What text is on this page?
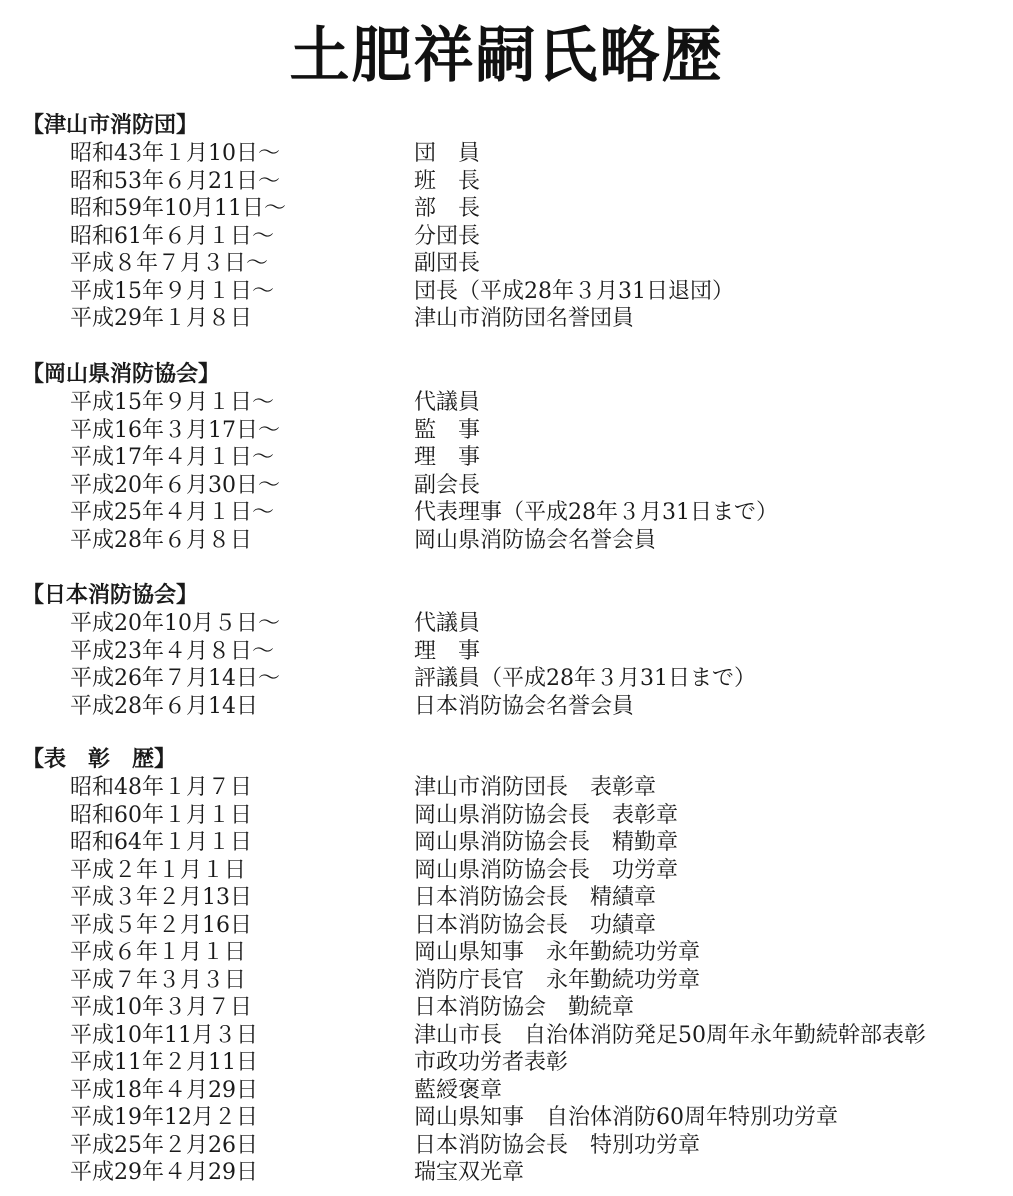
土肥祥嗣氏略歴
【津山市消防団】
昭和43年１月10日～	団　員
昭和53年６月21日～	班　長
昭和59年10月11日～	部　長
昭和61年６月１日～	分団長
平成８年７月３日～	副団長
平成15年９月１日～	団長（平成28年３月31日退団）
平成29年１月８日	津山市消防団名誉団員
【岡山県消防協会】
平成15年９月１日～	代議員
平成16年３月17日～	監　事
平成17年４月１日～	理　事
平成20年６月30日～	副会長
平成25年４月１日～	代表理事（平成28年３月31日まで）
平成28年６月８日	岡山県消防協会名誉会員
【日本消防協会】
平成20年10月５日～	代議員
平成23年４月８日～	理　事
平成26年７月14日～	評議員（平成28年３月31日まで）
平成28年６月14日	日本消防協会名誉会員
【表　彰　歴】
昭和48年１月７日	津山市消防団長　表彰章
昭和60年１月１日	岡山県消防協会長　表彰章
昭和64年１月１日	岡山県消防協会長　精勤章
平成２年１月１日	岡山県消防協会長　功労章
平成３年２月13日	日本消防協会長　精績章
平成５年２月16日	日本消防協会長　功績章
平成６年１月１日	岡山県知事　永年勤続功労章
平成７年３月３日	消防庁長官　永年勤続功労章
平成10年３月７日	日本消防協会　勤続章
平成10年11月３日	津山市長　自治体消防発足50周年永年勤続幹部表彰
平成11年２月11日	市政功労者表彰
平成18年４月29日	藍綬褒章
平成19年12月２日	岡山県知事　自治体消防60周年特別功労章
平成25年２月26日	日本消防協会長　特別功労章
平成29年４月29日	瑞宝双光章
